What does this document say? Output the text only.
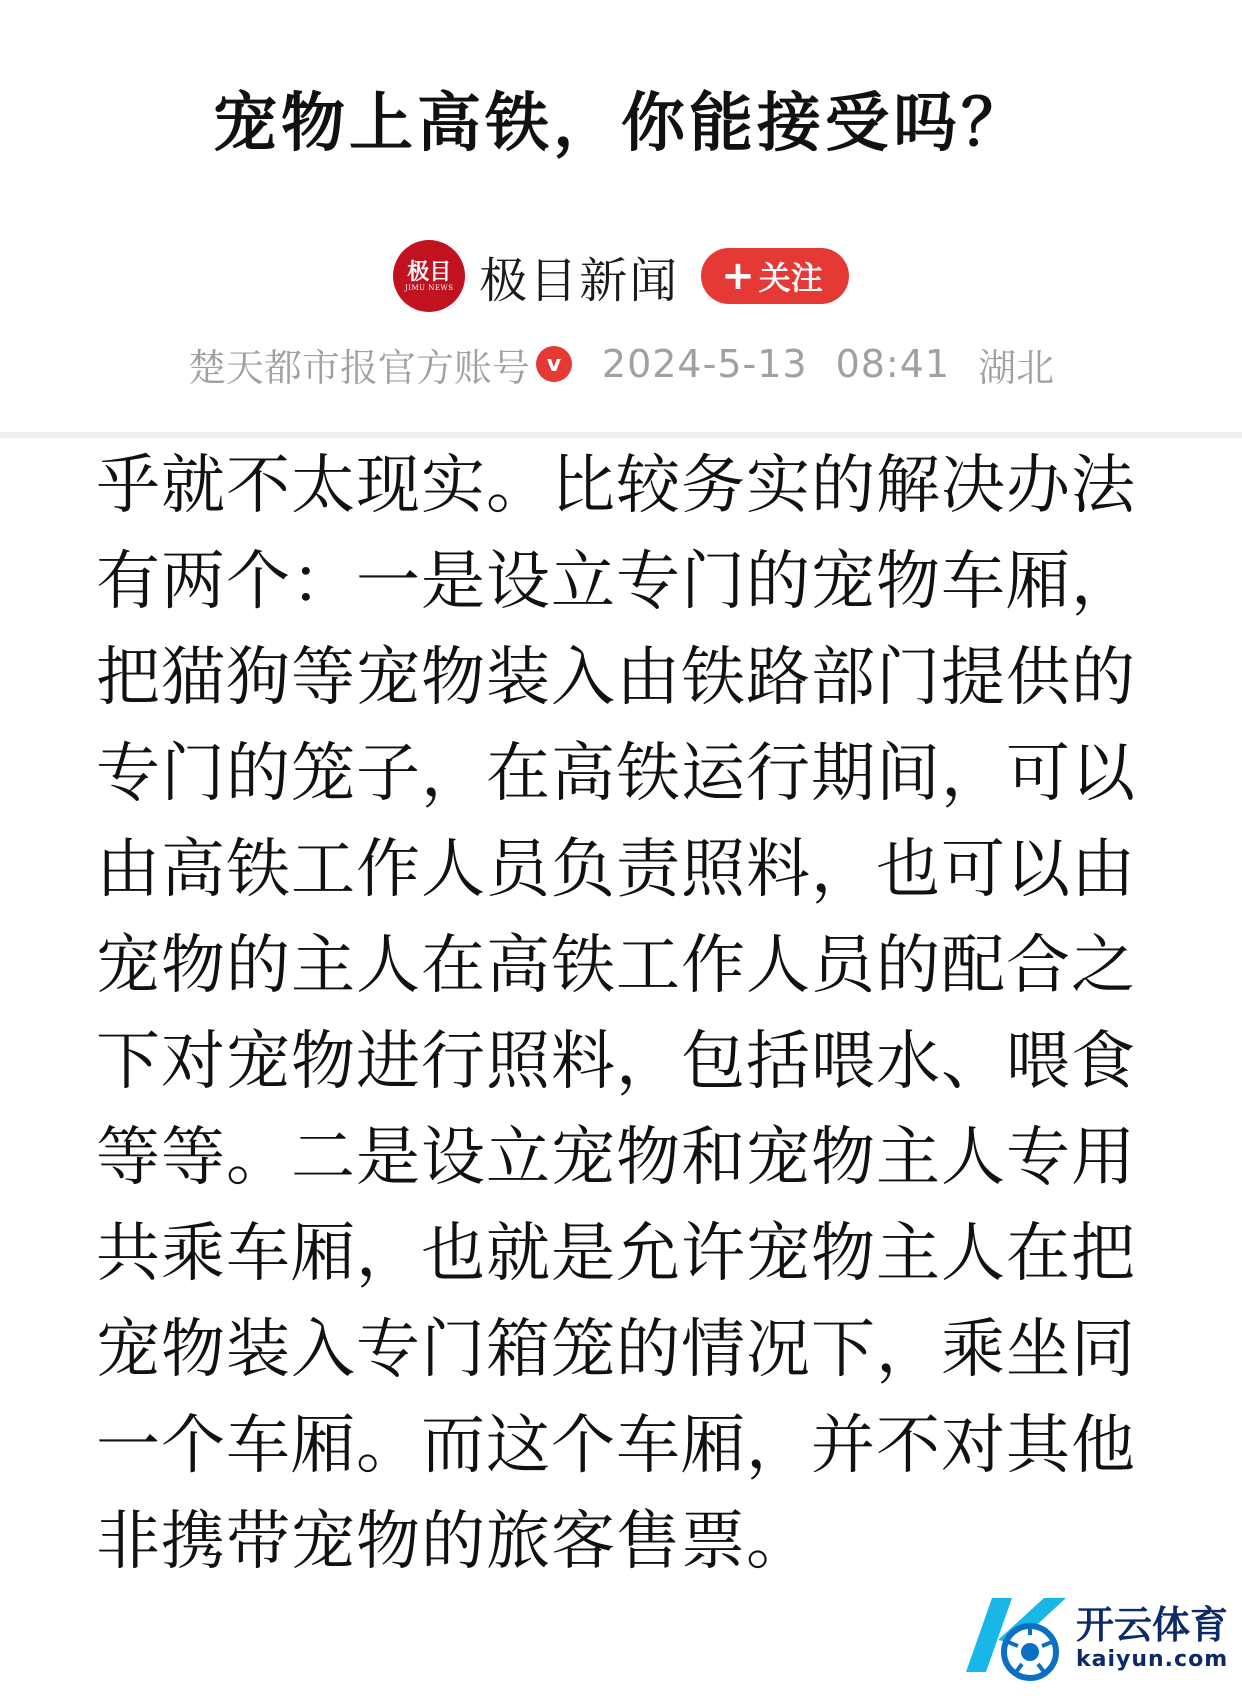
宠物上高铁，你能接受吗？
极目
JIMU NEWS 极目新闻 + 关注
楚天都市报官方账号 v 2024-5-13 08:41 湖北
乎就不太现实。比较务实的解决办法
有两个：一是设立专门的宠物车厢，
把猫狗等宠物装入由铁路部门提供的
专门的笼子，在高铁运行期间，可以
由高铁工作人员负责照料，也可以由
宠物的主人在高铁工作人员的配合之
下对宠物进行照料，包括喂水、喂食
等等。二是设立宠物和宠物主人专用
共乘车厢，也就是允许宠物主人在把
宠物装入专门箱笼的情况下，乘坐同
一个车厢。而这个车厢，并不对其他
非携带宠物的旅客售票。
开云体育
kaiyun.com
